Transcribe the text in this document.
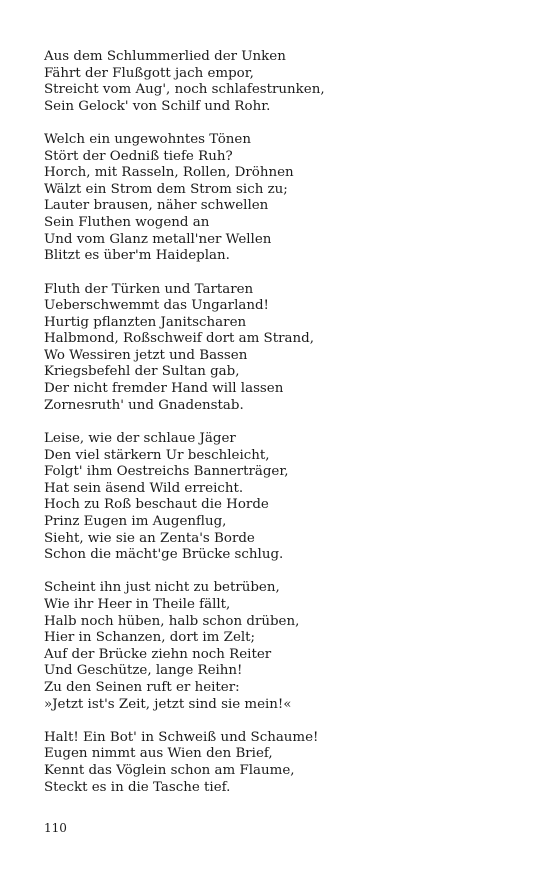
Aus dem Schlummerlied der Unken
Fährt der Flußgott jach empor,
Streicht vom Aug', noch schlafestrunken,
Sein Gelock' von Schilf und Rohr.
Welch ein ungewohntes Tönen
Stört der Oedniß tiefe Ruh?
Horch, mit Rasseln, Rollen, Dröhnen
Wälzt ein Strom dem Strom sich zu;
Lauter brausen, näher schwellen
Sein Fluthen wogend an
Und vom Glanz metall'ner Wellen
Blitzt es über'm Haideplan.
Fluth der Türken und Tartaren
Ueberschwemmt das Ungarland!
Hurtig pflanzten Janitscharen
Halbmond, Roßschweif dort am Strand,
Wo Wessiren jetzt und Bassen
Kriegsbefehl der Sultan gab,
Der nicht fremder Hand will lassen
Zornesruth' und Gnadenstab.
Leise, wie der schlaue Jäger
Den viel stärkern Ur beschleicht,
Folgt' ihm Oestreichs Bannerträger,
Hat sein äsend Wild erreicht.
Hoch zu Roß beschaut die Horde
Prinz Eugen im Augenflug,
Sieht, wie sie an Zenta's Borde
Schon die mächt'ge Brücke schlug.
Scheint ihn just nicht zu betrüben,
Wie ihr Heer in Theile fällt,
Halb noch hüben, halb schon drüben,
Hier in Schanzen, dort im Zelt;
Auf der Brücke ziehn noch Reiter
Und Geschütze, lange Reihn!
Zu den Seinen ruft er heiter:
»Jetzt ist's Zeit, jetzt sind sie mein!«
Halt! Ein Bot' in Schweiß und Schaume!
Eugen nimmt aus Wien den Brief,
Kennt das Vöglein schon am Flaume,
Steckt es in die Tasche tief.
110
